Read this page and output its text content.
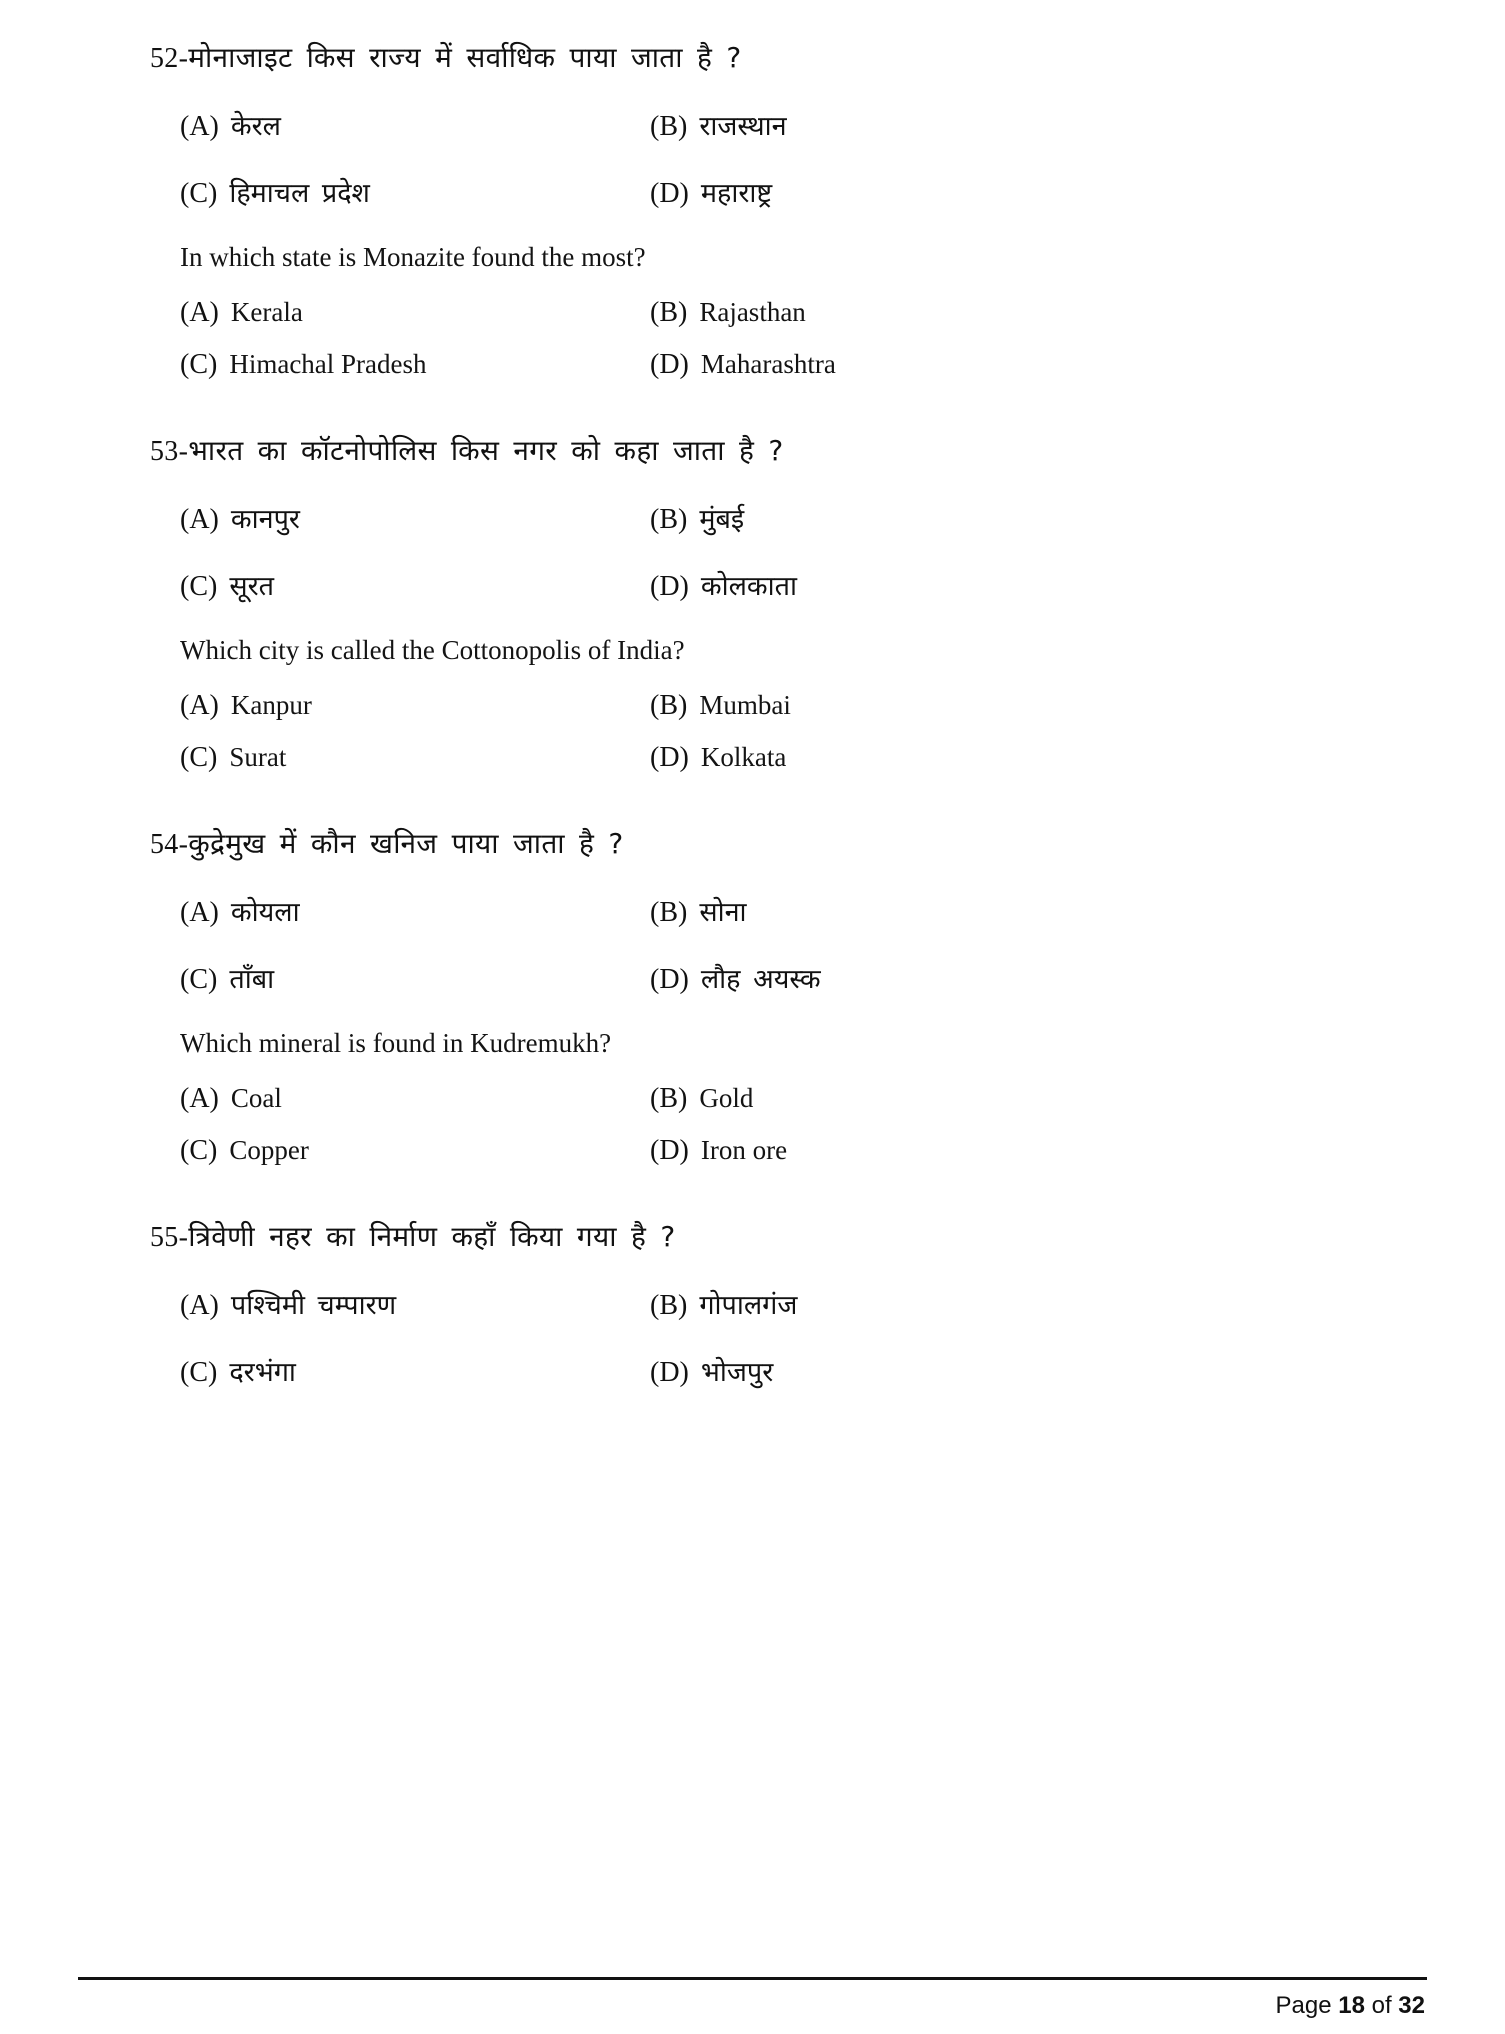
52-मोनाजाइट किस राज्य में सर्वाधिक पाया जाता है ?
(A) केरल	(B) राजस्थान
(C) हिमाचल प्रदेश	(D) महाराष्ट्र
In which state is Monazite found the most?
(A) Kerala	(B) Rajasthan
(C) Himachal Pradesh	(D) Maharashtra
53-भारत का कॉटनोपोलिस किस नगर को कहा जाता है ?
(A) कानपुर	(B) मुंबई
(C) सूरत	(D) कोलकाता
Which city is called the Cottonopolis of India?
(A) Kanpur	(B) Mumbai
(C) Surat	(D) Kolkata
54-कुद्रेमुख में कौन खनिज पाया जाता है ?
(A) कोयला	(B) सोना
(C) ताँबा	(D) लौह अयस्क
Which mineral is found in Kudremukh?
(A) Coal	(B) Gold
(C) Copper	(D) Iron ore
55-त्रिवेणी नहर का निर्माण कहाँ किया गया है ?
(A) पश्चिमी चम्पारण	(B) गोपालगंज
(C) दरभंगा	(D) भोजपुर
Page 18 of 32
